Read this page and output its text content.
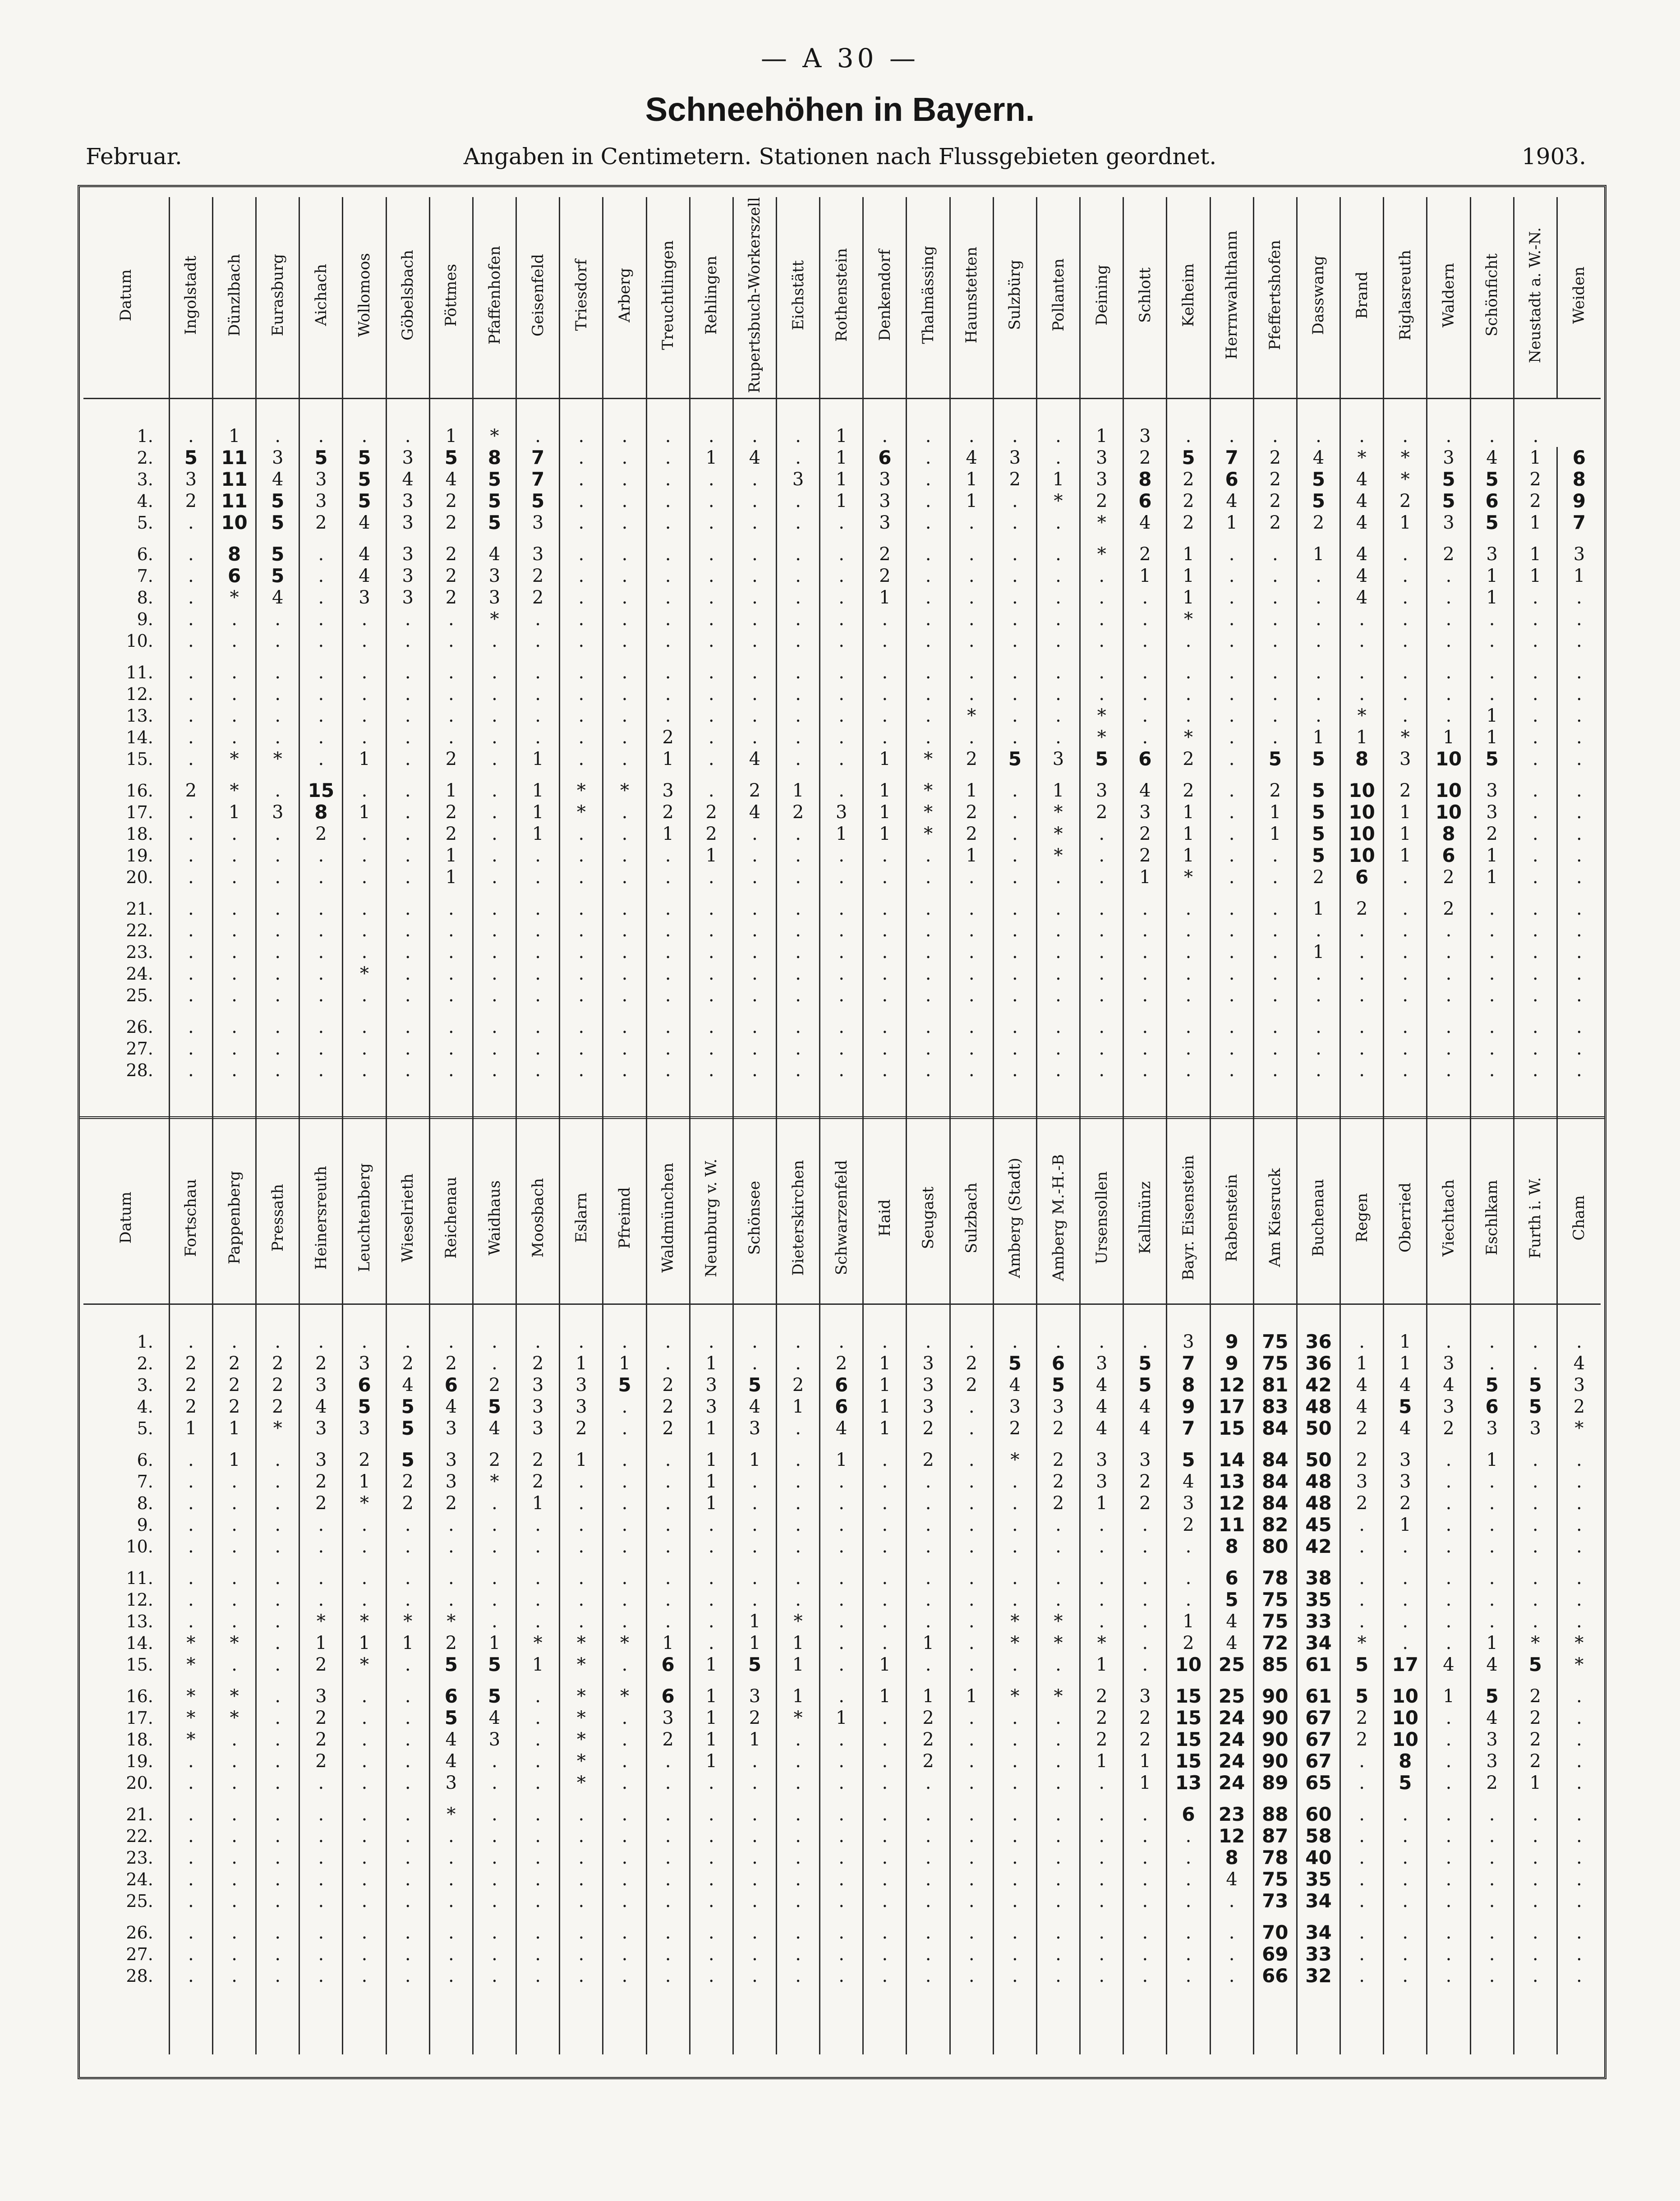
— A 30 —
Schneehöhen in Bayern.
Februar.	Angaben in Centimetern. Stationen nach Flussgebieten geordnet.	1903.
Datum	Ingolstadt	Dünzlbach	Eurasburg	Aichach	Wollomoos	Göbelsbach	Pöttmes	Pfaffenhofen	Geisenfeld	Triesdorf	Arberg	Treuchtlingen	Rehlingen	Rupertsbuch-Workerszell	Eichstätt	Rothenstein	Denkendorf	Thalmässing	Haunstetten	Sulzbürg	Pollanten	Deining	Schlott	Kelheim	Herrnwahlthann	Pfeffertshofen	Dasswang	Brand	Riglasreuth	Waldern	Schönficht	Neustadt a. W.-N.	Weiden
1.	.	1	.	.	.	.	1	*	.	.	.	.	.	.	.	1	.	.	.	.	.	1	3	.	.	.	.	.	.	.	.	.	
2.	5	11	3	5	5	3	5	8	7	.	.	.	1	4	.	1	6	.	4	3	.	3	2	5	7	2	4	*	*	3	4	1	6
3.	3	11	4	3	5	4	4	5	7	.	.	.	.	.	3	1	3	.	1	2	1	3	8	2	6	2	5	4	*	5	5	2	8
4.	2	11	5	3	5	3	2	5	5	.	.	.	.	.	.	1	3	.	1	.	*	2	6	2	4	2	5	4	2	5	6	2	9
5.	.	10	5	2	4	3	2	5	3	.	.	.	.	.	.	.	3	.	.	.	.	*	4	2	1	2	2	4	1	3	5	1	7
6.	.	8	5	.	4	3	2	4	3	.	.	.	.	.	.	.	2	.	.	.	.	*	2	1	.	.	1	4	.	2	3	1	3
7.	.	6	5	.	4	3	2	3	2	.	.	.	.	.	.	.	2	.	.	.	.	.	1	1	.	.	.	4	.	.	1	1	1
8.	.	*	4	.	3	3	2	3	2	.	.	.	.	.	.	.	1	.	.	.	.	.	.	1	.	.	.	4	.	.	1	.	.
9.	.	.	.	.	.	.	.	*	.	.	.	.	.	.	.	.	.	.	.	.	.	.	.	*	.	.	.	.	.	.	.	.	.
10.	.	.	.	.	.	.	.	.	.	.	.	.	.	.	.	.	.	.	.	.	.	.	.	.	.	.	.	.	.	.	.	.	.
11.	.	.	.	.	.	.	.	.	.	.	.	.	.	.	.	.	.	.	.	.	.	.	.	.	.	.	.	.	.	.	.	.	.
12.	.	.	.	.	.	.	.	.	.	.	.	.	.	.	.	.	.	.	.	.	.	.	.	.	.	.	.	.	.	.	.	.	.
13.	.	.	.	.	.	.	.	.	.	.	.	.	.	.	.	.	.	.	*	.	.	*	.	.	.	.	.	*	.	.	1	.	.
14.	.	.	.	.	.	.	.	.	.	.	.	2	.	.	.	.	.	.	.	.	.	*	.	*	.	.	1	1	*	1	1	.	.
15.	.	*	*	.	1	.	2	.	1	.	.	1	.	4	.	.	1	*	2	5	3	5	6	2	.	5	5	8	3	10	5	.	.
16.	2	*	.	15	.	.	1	.	1	*	*	3	.	2	1	.	1	*	1	.	1	3	4	2	.	2	5	10	2	10	3	.	.
17.	.	1	3	8	1	.	2	.	1	*	.	2	2	4	2	3	1	*	2	.	*	2	3	1	.	1	5	10	1	10	3	.	.
18.	.	.	.	2	.	.	2	.	1	.	.	1	2	.	.	1	1	*	2	.	*	.	2	1	.	1	5	10	1	8	2	.	.
19.	.	.	.	.	.	.	1	.	.	.	.	.	1	.	.	.	.	.	1	.	*	.	2	1	.	.	5	10	1	6	1	.	.
20.	.	.	.	.	.	.	1	.	.	.	.	.	.	.	.	.	.	.	.	.	.	.	1	*	.	.	2	6	.	2	1	.	.
21.	.	.	.	.	.	.	.	.	.	.	.	.	.	.	.	.	.	.	.	.	.	.	.	.	.	.	1	2	.	2	.	.	.
22.	.	.	.	.	.	.	.	.	.	.	.	.	.	.	.	.	.	.	.	.	.	.	.	.	.	.	.	.	.	.	.	.	.
23.	.	.	.	.	.	.	.	.	.	.	.	.	.	.	.	.	.	.	.	.	.	.	.	.	.	.	1	.	.	.	.	.	.
24.	.	.	.	.	*	.	.	.	.	.	.	.	.	.	.	.	.	.	.	.	.	.	.	.	.	.	.	.	.	.	.	.	.
25.	.	.	.	.	.	.	.	.	.	.	.	.	.	.	.	.	.	.	.	.	.	.	.	.	.	.	.	.	.	.	.	.	.
26.	.	.	.	.	.	.	.	.	.	.	.	.	.	.	.	.	.	.	.	.	.	.	.	.	.	.	.	.	.	.	.	.	.
27.	.	.	.	.	.	.	.	.	.	.	.	.	.	.	.	.	.	.	.	.	.	.	.	.	.	.	.	.	.	.	.	.	.
28.	.	.	.	.	.	.	.	.	.	.	.	.	.	.	.	.	.	.	.	.	.	.	.	.	.	.	.	.	.	.	.	.	.

Datum	Fortschau	Pappenberg	Pressath	Heinersreuth	Leuchtenberg	Wieselrieth	Reichenau	Waidhaus	Moosbach	Eslarn	Pfreimd	Waldmünchen	Neunburg v. W.	Schönsee	Dieterskirchen	Schwarzenfeld	Haid	Seugast	Sulzbach	Amberg (Stadt)	Amberg M.-H.-B	Ursensollen	Kallmünz	Bayr. Eisenstein	Rabenstein	Am Kiesruck	Buchenau	Regen	Oberried	Viechtach	Eschlkam	Furth i. W.	Cham
1.	.	.	.	.	.	.	.	.	.	.	.	.	.	.	.	.	.	.	.	.	.	.	.	3	9	75	36	.	1	.	.	.	.
2.	2	2	2	2	3	2	2	.	2	1	1	.	1	.	.	2	1	3	2	5	6	3	5	7	9	75	36	1	1	3	.	.	4
3.	2	2	2	3	6	4	6	2	3	3	5	2	3	5	2	6	1	3	2	4	5	4	5	8	12	81	42	4	4	4	5	5	3
4.	2	2	2	4	5	5	4	5	3	3	.	2	3	4	1	6	1	3	.	3	3	4	4	9	17	83	48	4	5	3	6	5	2
5.	1	1	*	3	3	5	3	4	3	2	.	2	1	3	.	4	1	2	.	2	2	4	4	7	15	84	50	2	4	2	3	3	*
6.	.	1	.	3	2	5	3	2	2	1	.	.	1	1	.	1	.	2	.	*	2	3	3	5	14	84	50	2	3	.	1	.	.
7.	.	.	.	2	1	2	3	*	2	.	.	.	1	.	.	.	.	.	.	.	2	3	2	4	13	84	48	3	3	.	.	.	.
8.	.	.	.	2	*	2	2	.	1	.	.	.	1	.	.	.	.	.	.	.	2	1	2	3	12	84	48	2	2	.	.	.	.
9.	.	.	.	.	.	.	.	.	.	.	.	.	.	.	.	.	.	.	.	.	.	.	.	2	11	82	45	.	1	.	.	.	.
10.	.	.	.	.	.	.	.	.	.	.	.	.	.	.	.	.	.	.	.	.	.	.	.	.	8	80	42	.	.	.	.	.	.
11.	.	.	.	.	.	.	.	.	.	.	.	.	.	.	.	.	.	.	.	.	.	.	.	.	6	78	38	.	.	.	.	.	.
12.	.	.	.	.	.	.	.	.	.	.	.	.	.	.	.	.	.	.	.	.	.	.	.	.	5	75	35	.	.	.	.	.	.
13.	.	.	.	*	*	*	*	.	.	.	.	.	.	1	*	.	.	.	.	*	*	.	.	1	4	75	33	.	.	.	.	.	.
14.	*	*	.	1	1	1	2	1	*	*	*	1	.	1	1	.	.	1	.	*	*	*	.	2	4	72	34	*	.	.	1	*	*
15.	*	.	.	2	*	.	5	5	1	*	.	6	1	5	1	.	1	.	.	.	.	1	.	10	25	85	61	5	17	4	4	5	*
16.	*	*	.	3	.	.	6	5	.	*	*	6	1	3	1	.	1	1	1	*	*	2	3	15	25	90	61	5	10	1	5	2	.
17.	*	*	.	2	.	.	5	4	.	*	.	3	1	2	*	1	.	2	.	.	.	2	2	15	24	90	67	2	10	.	4	2	.
18.	*	.	.	2	.	.	4	3	.	*	.	2	1	1	.	.	.	2	.	.	.	2	2	15	24	90	67	2	10	.	3	2	.
19.	.	.	.	2	.	.	4	.	.	*	.	.	1	.	.	.	.	2	.	.	.	1	1	15	24	90	67	.	8	.	3	2	.
20.	.	.	.	.	.	.	3	.	.	*	.	.	.	.	.	.	.	.	.	.	.	.	1	13	24	89	65	.	5	.	2	1	.
21.	.	.	.	.	.	.	*	.	.	.	.	.	.	.	.	.	.	.	.	.	.	.	.	6	23	88	60	.	.	.	.	.	.
22.	.	.	.	.	.	.	.	.	.	.	.	.	.	.	.	.	.	.	.	.	.	.	.	.	12	87	58	.	.	.	.	.	.
23.	.	.	.	.	.	.	.	.	.	.	.	.	.	.	.	.	.	.	.	.	.	.	.	.	8	78	40	.	.	.	.	.	.
24.	.	.	.	.	.	.	.	.	.	.	.	.	.	.	.	.	.	.	.	.	.	.	.	.	4	75	35	.	.	.	.	.	.
25.	.	.	.	.	.	.	.	.	.	.	.	.	.	.	.	.	.	.	.	.	.	.	.	.	.	73	34	.	.	.	.	.	.
26.	.	.	.	.	.	.	.	.	.	.	.	.	.	.	.	.	.	.	.	.	.	.	.	.	.	70	34	.	.	.	.	.	.
27.	.	.	.	.	.	.	.	.	.	.	.	.	.	.	.	.	.	.	.	.	.	.	.	.	.	69	33	.	.	.	.	.	.
28.	.	.	.	.	.	.	.	.	.	.	.	.	.	.	.	.	.	.	.	.	.	.	.	.	.	66	32	.	.	.	.	.	.
